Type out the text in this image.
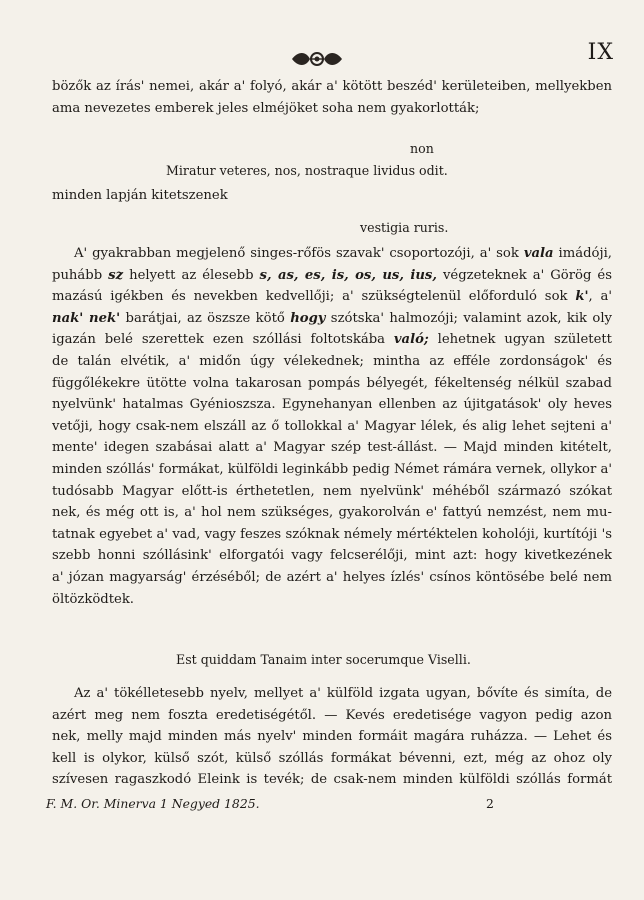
IX
bözők az írás' nemei, akár a' folyó, akár a' kötött beszéd' kerületeiben, mellyekben
ama nevezetes emberek jeles elméjöket soha nem gyakorlották;
non
Miratur veteres, nos, nostraque lividus odit.
minden lapján kitetszenek
vestigia ruris.
A' gyakrabban megjelenő singes-rőfös szavak' csoportozóji, a' sok vala imádóji,
puhább sz helyett az élesebb s, as, es, is, os, us, ius, végzeteknek a' Görög és
mazású igékben és nevekben kedvellőji; a' szükségtelenül előforduló sok k', a'
nak' nek' barátjai, az öszsze kötő hogy szótska' halmozóji; valamint azok, kik oly
igazán belé szerettek ezen szóllási foltotskába való; lehetnek ugyan született
de talán elvétik, a' midőn úgy vélekednek; mintha az efféle zordonságok' és
függőlékekre ütötte volna takarosan pompás bélyegét, fékeltenség nélkül szabad
nyelvünk' hatalmas Gyénioszsza. Egynehanyan ellenben az újitgatások' oly heves
vetőji, hogy csak-nem elszáll az ő tollokkal a' Magyar lélek, és alig lehet sejteni a'
mente' idegen szabásai alatt a' Magyar szép test-állást. — Majd minden kitételt,
minden szóllás' formákat, külföldi leginkább pedig Német rámára vernek, ollykor a'
tudósabb Magyar előtt-is érthetetlen, nem nyelvünk' méhéből származó szókat
nek, és még ott is, a' hol nem szükséges, gyakorolván e' fattyú nemzést, nem mu-
tatnak egyebet a' vad, vagy feszes szóknak némely mértéktelen koholóji, kurtítóji 's
szebb honni szóllásink' elforgatói vagy felcserélőji, mint azt: hogy kivetkezének
a' józan magyarság' érzéséből; de azért a' helyes ízlés' csínos köntösébe belé nem
öltözködtek.
Est quiddam Tanaim inter socerumque Viselli.
Az a' tökélletesebb nyelv, mellyet a' külföld izgata ugyan, bővíte és simíta, de
azért meg nem foszta eredetiségétől. — Kevés eredetisége vagyon pedig azon
nek, melly majd minden más nyelv' minden formáit magára ruházza. — Lehet és
kell is olykor, külső szót, külső szóllás formákat bévenni, ezt, még az ohoz oly
szívesen ragaszkodó Eleink is tevék; de csak-nem minden külföldi szóllás formát
F. M. Or. Minerva 1 Negyed 1825.	2
